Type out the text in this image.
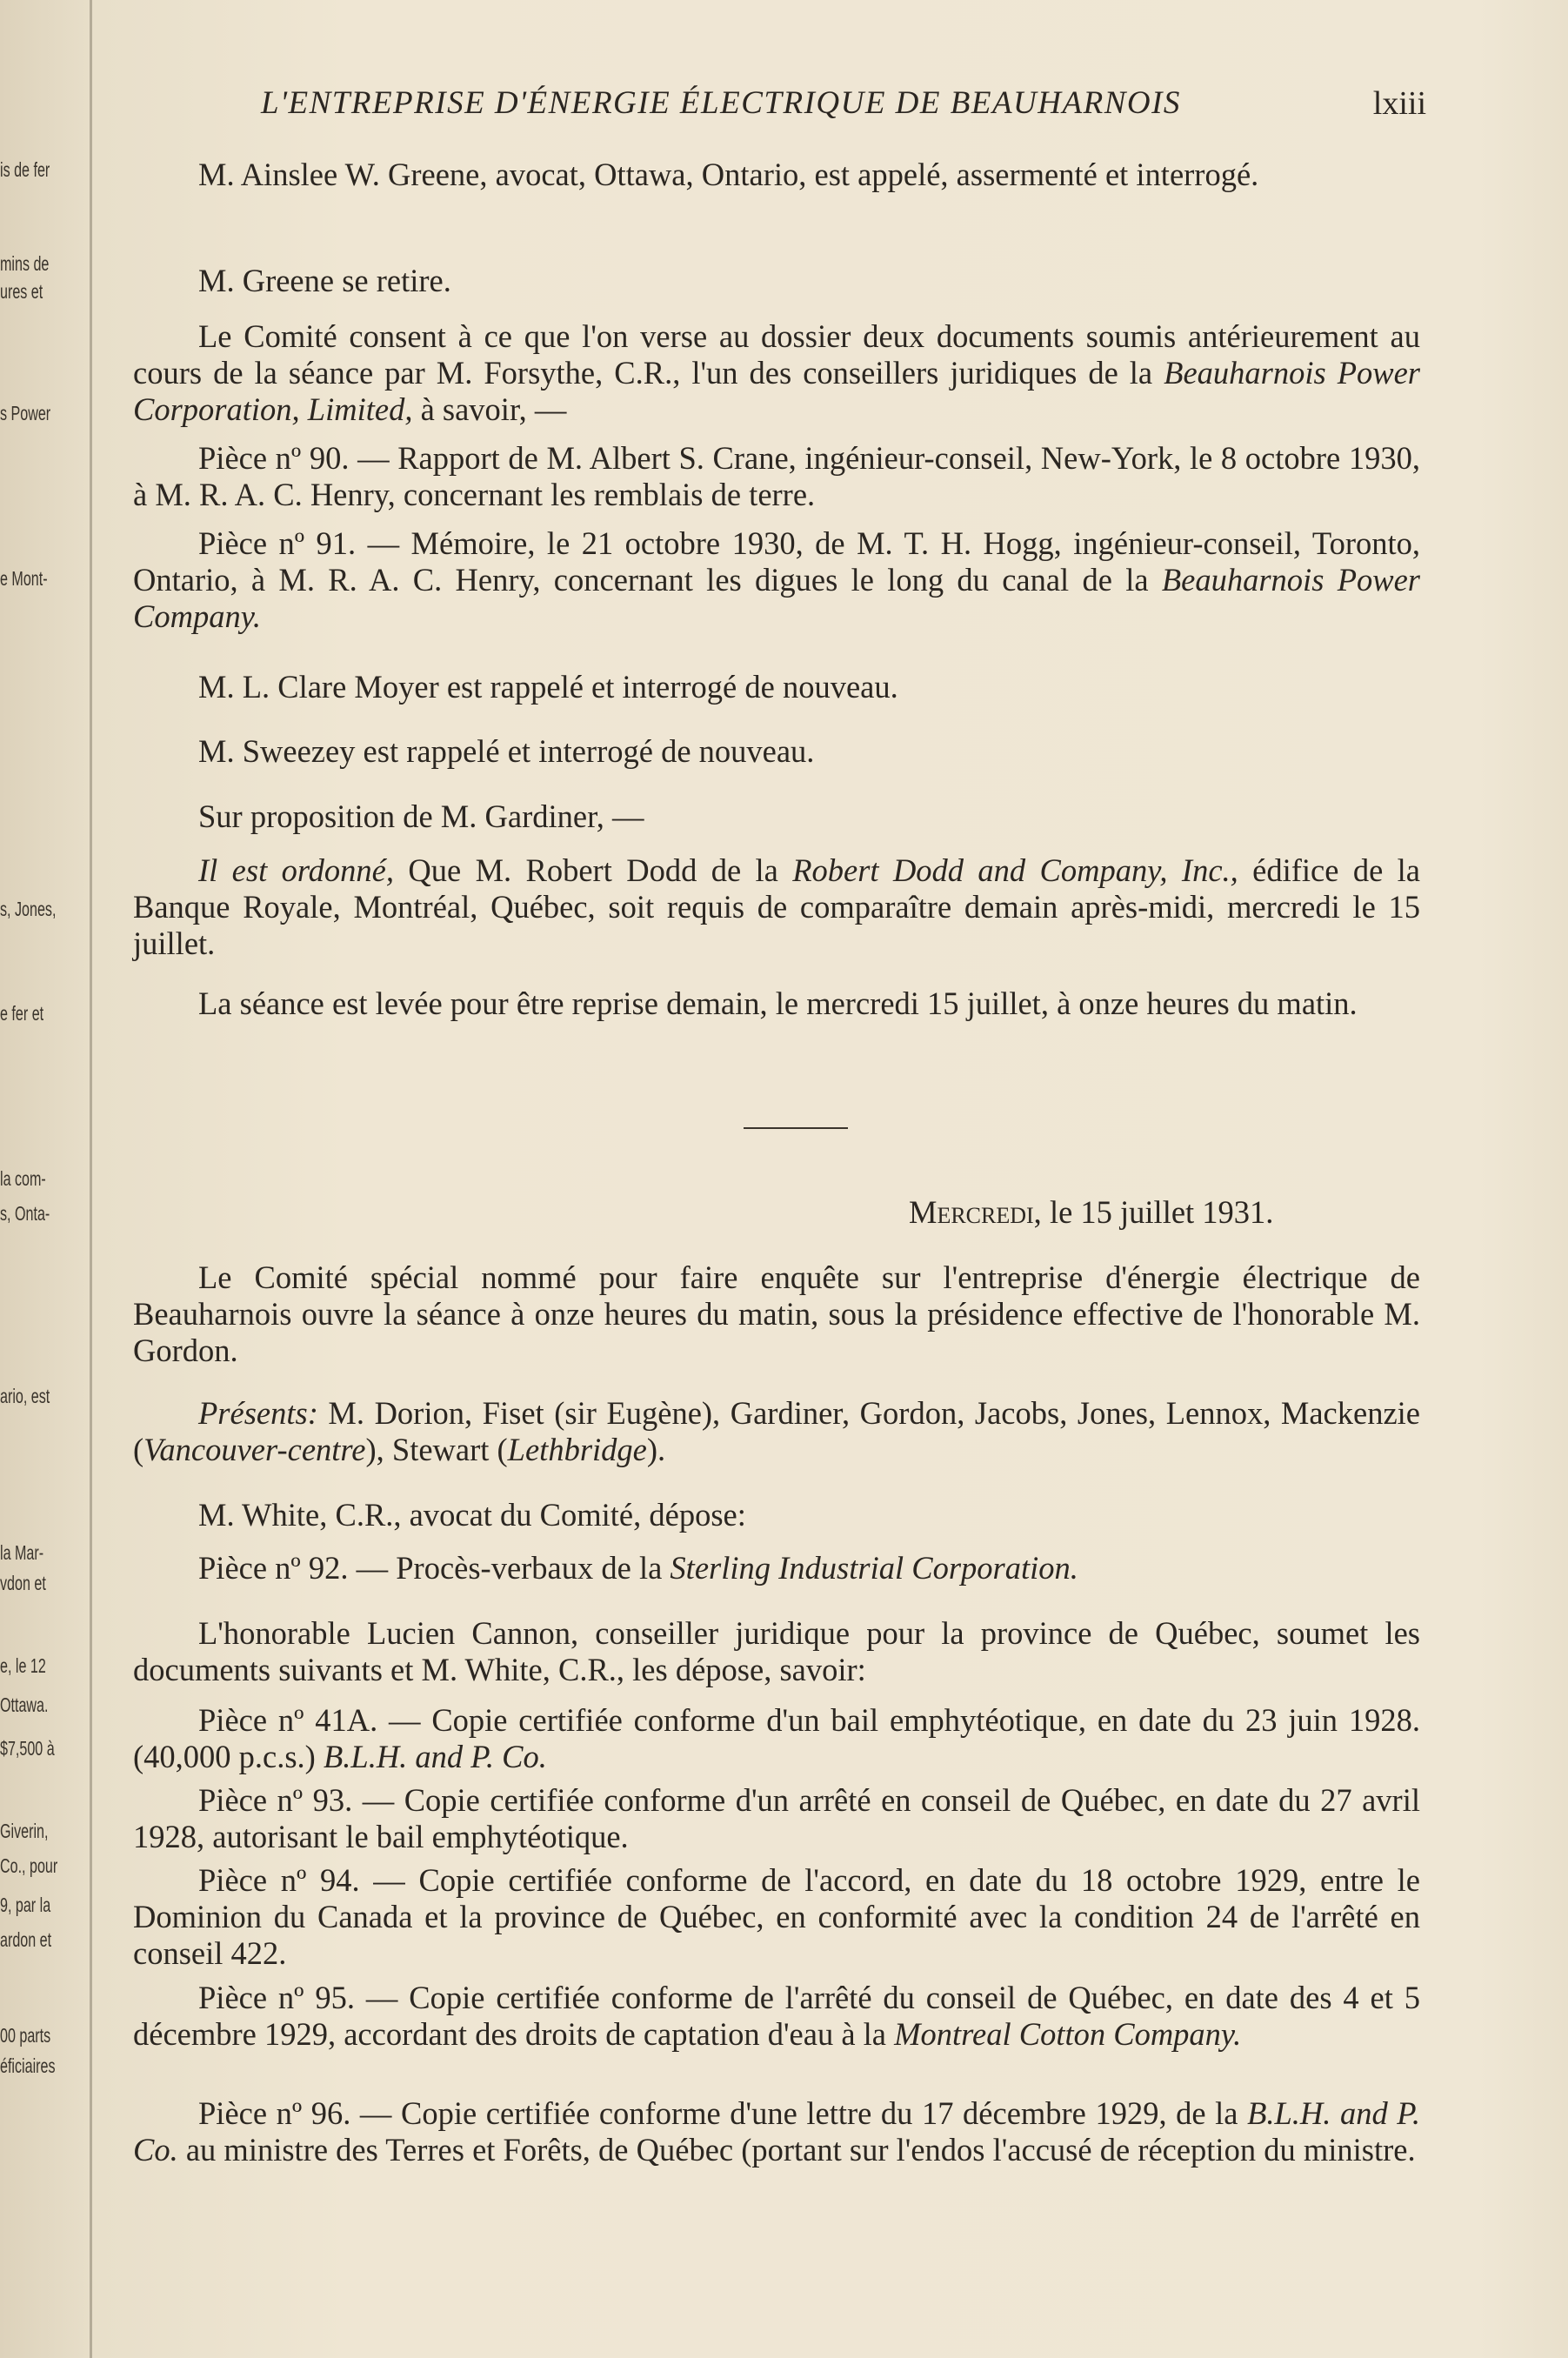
is de fer
mins de
ures et
s Power
e Mont-
s, Jones,
e fer et
la com-
s, Onta-
ario, est
la Mar-
vdon et
e, le 12
Ottawa.
$7,500 à
Giverin,
Co., pour
9, par la
ardon et
00 parts
éficiaires
L'ENTREPRISE D'ÉNERGIE ÉLECTRIQUE DE BEAUHARNOIS	lxiii
M. Ainslee W. Greene, avocat, Ottawa, Ontario, est appelé, assermenté et interrogé.
M. Greene se retire.
Le Comité consent à ce que l'on verse au dossier deux documents soumis antérieurement au cours de la séance par M. Forsythe, C.R., l'un des conseillers juridiques de la Beauharnois Power Corporation, Limited, à savoir, —
Pièce nº 90. — Rapport de M. Albert S. Crane, ingénieur-conseil, New-York, le 8 octobre 1930, à M. R. A. C. Henry, concernant les remblais de terre.
Pièce nº 91. — Mémoire, le 21 octobre 1930, de M. T. H. Hogg, ingénieur-conseil, Toronto, Ontario, à M. R. A. C. Henry, concernant les digues le long du canal de la Beauharnois Power Company.
M. L. Clare Moyer est rappelé et interrogé de nouveau.
M. Sweezey est rappelé et interrogé de nouveau.
Sur proposition de M. Gardiner, —
Il est ordonné, Que M. Robert Dodd de la Robert Dodd and Company, Inc., édifice de la Banque Royale, Montréal, Québec, soit requis de comparaître demain après-midi, mercredi le 15 juillet.
La séance est levée pour être reprise demain, le mercredi 15 juillet, à onze heures du matin.
Mercredi, le 15 juillet 1931.
Le Comité spécial nommé pour faire enquête sur l'entreprise d'énergie électrique de Beauharnois ouvre la séance à onze heures du matin, sous la présidence effective de l'honorable M. Gordon.
Présents: M. Dorion, Fiset (sir Eugène), Gardiner, Gordon, Jacobs, Jones, Lennox, Mackenzie (Vancouver-centre), Stewart (Lethbridge).
M. White, C.R., avocat du Comité, dépose:
Pièce nº 92. — Procès-verbaux de la Sterling Industrial Corporation.
L'honorable Lucien Cannon, conseiller juridique pour la province de Québec, soumet les documents suivants et M. White, C.R., les dépose, savoir:
Pièce nº 41A. — Copie certifiée conforme d'un bail emphytéotique, en date du 23 juin 1928. (40,000 p.c.s.) B.L.H. and P. Co.
Pièce nº 93. — Copie certifiée conforme d'un arrêté en conseil de Québec, en date du 27 avril 1928, autorisant le bail emphytéotique.
Pièce nº 94. — Copie certifiée conforme de l'accord, en date du 18 octobre 1929, entre le Dominion du Canada et la province de Québec, en conformité avec la condition 24 de l'arrêté en conseil 422.
Pièce nº 95. — Copie certifiée conforme de l'arrêté du conseil de Québec, en date des 4 et 5 décembre 1929, accordant des droits de captation d'eau à la Montreal Cotton Company.
Pièce nº 96. — Copie certifiée conforme d'une lettre du 17 décembre 1929, de la B.L.H. and P. Co. au ministre des Terres et Forêts, de Québec (portant sur l'endos l'accusé de réception du ministre.
